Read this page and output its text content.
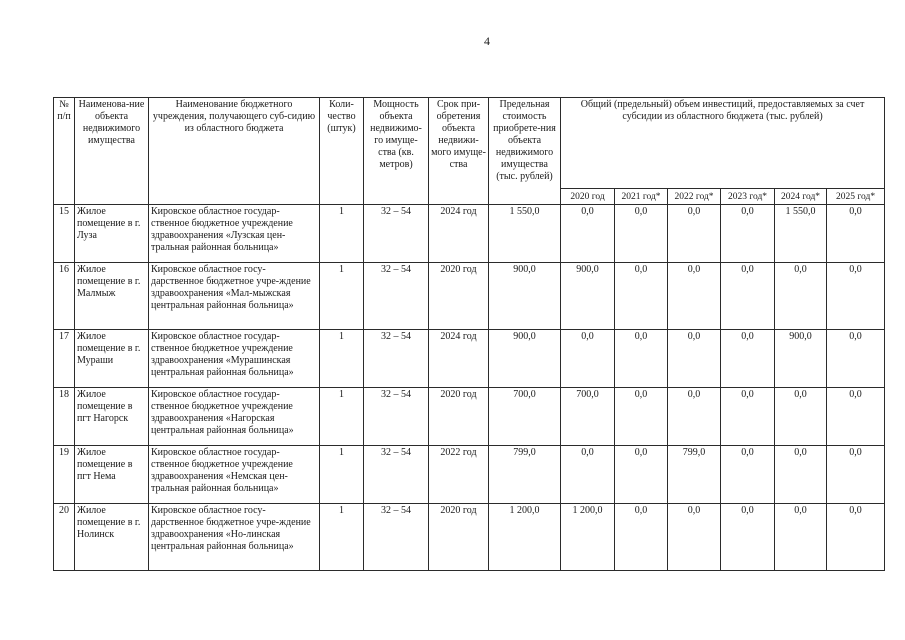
4
№ п/п	Наименова-ние объекта недвижимого имущества	Наименование бюджетного учреждения, получающего суб-сидию из областного бюджета	Коли-чество (штук)	Мощность объекта недвижимо-го имуще-ства (кв. метров)	Срок при-обретения объекта недвижи-мого имуще-ства	Предельная стоимость приобрете-ния объекта недвижимого имущества (тыс. рублей)	Общий (предельный) объем инвестиций, предоставляемых за счет субсидии из областного бюджета (тыс. рублей)					
							2020 год	2021 год*	2022 год*	2023 год*	2024 год*	2025 год*
15	Жилое помещение в г. Луза	Кировское областное государ-ственное бюджетное учреждение здравоохранения «Лузская цен-тральная районная больница»	1	32 – 54	2024 год	1 550,0	0,0	0,0	0,0	0,0	1 550,0	0,0
16	Жилое помещение в г. Малмыж	Кировское областное госу-дарственное бюджетное учре-ждение здравоохранения «Мал-мыжская центральная районная больница»	1	32 – 54	2020 год	900,0	900,0	0,0	0,0	0,0	0,0	0,0
17	Жилое помещение в г. Мураши	Кировское областное государ-ственное бюджетное учреждение здравоохранения «Мурашинская центральная районная больница»	1	32 – 54	2024 год	900,0	0,0	0,0	0,0	0,0	900,0	0,0
18	Жилое помещение в пгт Нагорск	Кировское областное государ-ственное бюджетное учреждение здравоохранения «Нагорская центральная районная больница»	1	32 – 54	2020 год	700,0	700,0	0,0	0,0	0,0	0,0	0,0
19	Жилое помещение в пгт Нема	Кировское областное государ-ственное бюджетное учреждение здравоохранения «Немская цен-тральная районная больница»	1	32 – 54	2022 год	799,0	0,0	0,0	799,0	0,0	0,0	0,0
20	Жилое помещение в г. Нолинск	Кировское областное госу-дарственное бюджетное учре-ждение здравоохранения «Но-линская центральная районная больница»	1	32 – 54	2020 год	1 200,0	1 200,0	0,0	0,0	0,0	0,0	0,0
